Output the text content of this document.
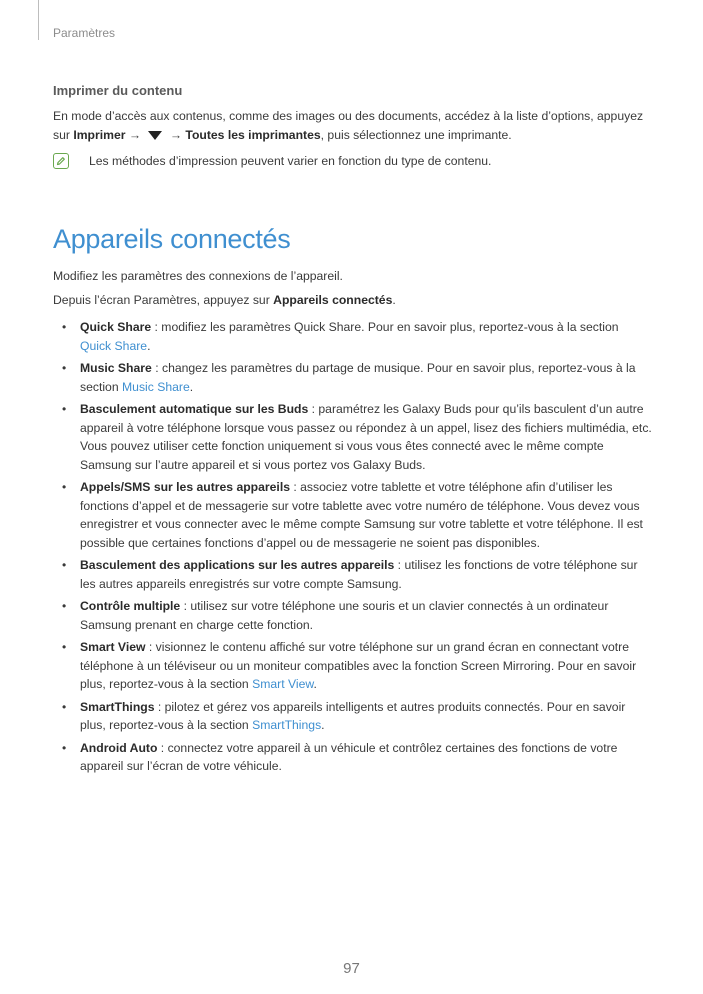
Paramètres
Imprimer du contenu

En mode d’accès aux contenus, comme des images ou des documents, accédez à la liste d’options, appuyez sur Imprimer →  → Toutes les imprimantes, puis sélectionnez une imprimante.

Les méthodes d’impression peuvent varier en fonction du type de contenu.
Appareils connectés

Modifiez les paramètres des connexions de l’appareil.

Depuis l’écran Paramètres, appuyez sur Appareils connectés.

• Quick Share : modifiez les paramètres Quick Share. Pour en savoir plus, reportez-vous à la section Quick Share.
• Music Share : changez les paramètres du partage de musique. Pour en savoir plus, reportez-vous à la section Music Share.
• Basculement automatique sur les Buds : paramétrez les Galaxy Buds pour qu’ils basculent d’un autre appareil à votre téléphone lorsque vous passez ou répondez à un appel, lisez des fichiers multimédia, etc. Vous pouvez utiliser cette fonction uniquement si vous vous êtes connecté avec le même compte Samsung sur l’autre appareil et si vous portez vos Galaxy Buds.
• Appels/SMS sur les autres appareils : associez votre tablette et votre téléphone afin d’utiliser les fonctions d’appel et de messagerie sur votre tablette avec votre numéro de téléphone. Vous devez vous enregistrer et vous connecter avec le même compte Samsung sur votre tablette et votre téléphone. Il est possible que certaines fonctions d’appel ou de messagerie ne soient pas disponibles.
• Basculement des applications sur les autres appareils : utilisez les fonctions de votre téléphone sur les autres appareils enregistrés sur votre compte Samsung.
• Contrôle multiple : utilisez sur votre téléphone une souris et un clavier connectés à un ordinateur Samsung prenant en charge cette fonction.
• Smart View : visionnez le contenu affiché sur votre téléphone sur un grand écran en connectant votre téléphone à un téléviseur ou un moniteur compatibles avec la fonction Screen Mirroring. Pour en savoir plus, reportez-vous à la section Smart View.
• SmartThings : pilotez et gérez vos appareils intelligents et autres produits connectés. Pour en savoir plus, reportez-vous à la section SmartThings.
• Android Auto : connectez votre appareil à un véhicule et contrôlez certaines des fonctions de votre appareil sur l’écran de votre véhicule.
97
